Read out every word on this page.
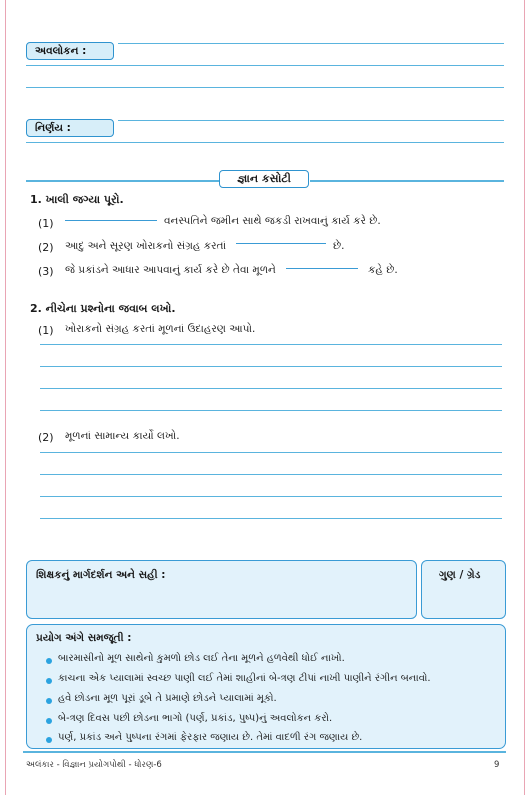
અવલોકન :
નિર્ણય :
જ્ઞાન કસોટી
1. ખાલી જગ્યા પૂરો.
(1)	વનસ્પતિને જમીન સાથે જકડી રાખવાનું કાર્ય કરે છે.
(2) આદુ અને સૂરણ ખોરાકનો સંગ્રહ કરતાં	છે.
(3) જે પ્રકાંડને આધાર આપવાનું કાર્ય કરે છે તેવા મૂળને	કહે છે.
2. નીચેના પ્રશ્નોના જવાબ લખો.
(1) ખોરાકનો સંગ્રહ કરતાં મૂળનાં ઉદાહરણ આપો.
(2) મૂળનાં સામાન્ય કાર્યો લખો.
શિક્ષકનું માર્ગદર્શન અને સહી :	ગુણ / ગ્રેડ
પ્રયોગ અંગે સમજૂતી :
બારમાસીનો મૂળ સાથેનો કુમળો છોડ લઈ તેના મૂળને હળવેથી ધોઈ નાખો.
કાચના એક પ્યાલામાં સ્વચ્છ પાણી લઈ તેમાં શાહીનાં બે-ત્રણ ટીપાં નાખી પાણીને રંગીન બનાવો.
હવે છોડના મૂળ પૂરાં ડૂબે તે પ્રમાણે છોડને પ્યાલામાં મૂકો.
બે-ત્રણ દિવસ પછી છોડના ભાગો (પર્ણ, પ્રકાંડ, પુષ્પ)નું અવલોકન કરો.
પર્ણ, પ્રકાંડ અને પુષ્પના રંગમાં ફેરફાર જણાય છે. તેમાં વાદળી રંગ જણાય છે.
અલંકાર - વિજ્ઞાન પ્રયોગપોથી - ધોરણ-6	9
